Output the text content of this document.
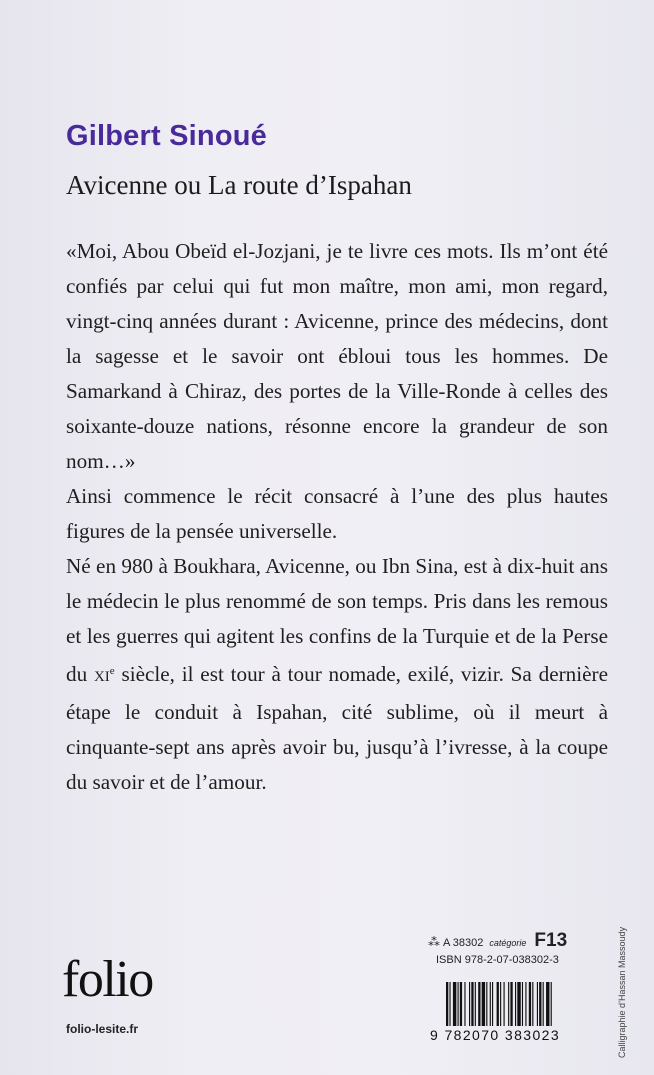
Gilbert Sinoué
Avicenne ou La route d’Ispahan

«Moi, Abou Obeïd el-Jozjani, je te livre ces mots. Ils m’ont été confiés par celui qui fut mon maître, mon ami, mon regard, vingt-cinq années durant : Avicenne, prince des médecins, dont la sagesse et le savoir ont ébloui tous les hommes. De Samarkand à Chiraz, des portes de la Ville-Ronde à celles des soixante-douze nations, résonne encore la grandeur de son nom…»

Ainsi commence le récit consacré à l’une des plus hautes figures de la pensée universelle.

Né en 980 à Boukhara, Avicenne, ou Ibn Sina, est à dix-huit ans le médecin le plus renommé de son temps. Pris dans les remous et les guerres qui agitent les confins de la Turquie et de la Perse du XIe siècle, il est tour à tour nomade, exilé, vizir. Sa dernière étape le conduit à Ispahan, cité sublime, où il meurt à cinquante-sept ans après avoir bu, jusqu’à l’ivresse, à la coupe du savoir et de l’amour.

Calligraphie d’Hassan Massoudy
folio
folio-lesite.fr
⁂ A 38302 catégorie F13
ISBN 978-2-07-038302-3
9 782070 383023
